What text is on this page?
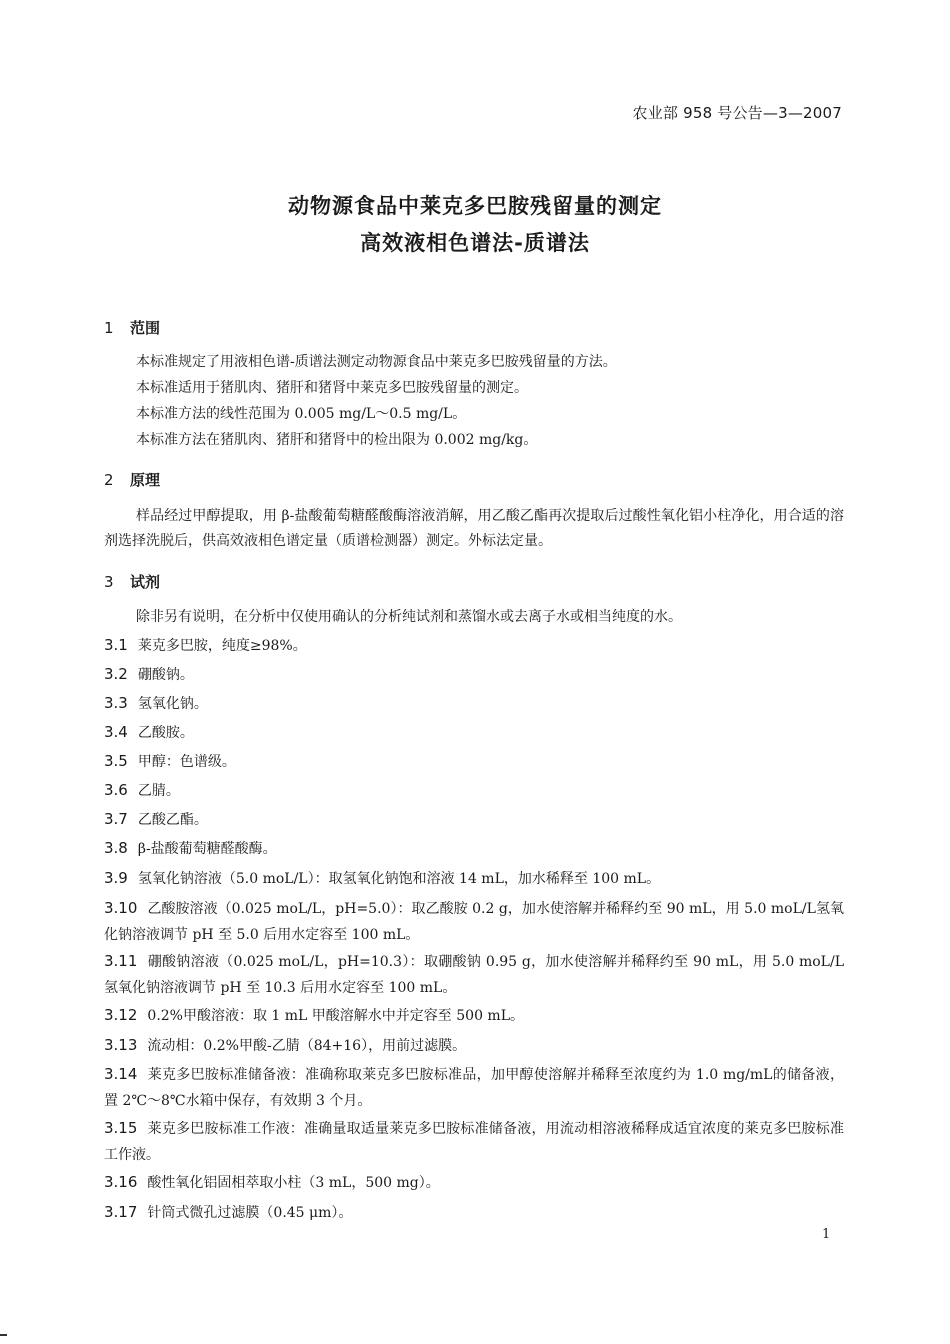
农业部 958 号公告—3—2007
动物源食品中莱克多巴胺残留量的测定
高效液相色谱法-质谱法
1 范围
本标准规定了用液相色谱-质谱法测定动物源食品中莱克多巴胺残留量的方法。
本标准适用于猪肌肉、猪肝和猪肾中莱克多巴胺残留量的测定。
本标准方法的线性范围为 0.005 mg/L～0.5 mg/L。
本标准方法在猪肌肉、猪肝和猪肾中的检出限为 0.002 mg/kg。
2 原理
样品经过甲醇提取，用 β-盐酸葡萄糖醛酸酶溶液消解，用乙酸乙酯再次提取后过酸性氧化铝小柱净化，用合适的溶剂选择洗脱后，供高效液相色谱定量（质谱检测器）测定。外标法定量。
3 试剂
除非另有说明，在分析中仅使用确认的分析纯试剂和蒸馏水或去离子水或相当纯度的水。
3.1 莱克多巴胺，纯度≥98%。
3.2 硼酸钠。
3.3 氢氧化钠。
3.4 乙酸胺。
3.5 甲醇：色谱级。
3.6 乙腈。
3.7 乙酸乙酯。
3.8 β-盐酸葡萄糖醛酸酶。
3.9 氢氧化钠溶液（5.0 moL/L）：取氢氧化钠饱和溶液 14 mL，加水稀释至 100 mL。
3.10 乙酸胺溶液（0.025 moL/L，pH=5.0）：取乙酸胺 0.2 g，加水使溶解并稀释约至 90 mL，用 5.0 moL/L氢氧化钠溶液调节 pH 至 5.0 后用水定容至 100 mL。
3.11 硼酸钠溶液（0.025 moL/L，pH=10.3）：取硼酸钠 0.95 g，加水使溶解并稀释约至 90 mL，用 5.0 moL/L 氢氧化钠溶液调节 pH 至 10.3 后用水定容至 100 mL。
3.12 0.2%甲酸溶液：取 1 mL 甲酸溶解水中并定容至 500 mL。
3.13 流动相：0.2%甲酸-乙腈（84+16），用前过滤膜。
3.14 莱克多巴胺标准储备液：准确称取莱克多巴胺标准品，加甲醇使溶解并稀释至浓度约为 1.0 mg/mL的储备液，置 2℃～8℃水箱中保存，有效期 3 个月。
3.15 莱克多巴胺标准工作液：准确量取适量莱克多巴胺标准储备液，用流动相溶液稀释成适宜浓度的莱克多巴胺标准工作液。
3.16 酸性氧化铝固相萃取小柱（3 mL，500 mg）。
3.17 针筒式微孔过滤膜（0.45 μm）。
1
